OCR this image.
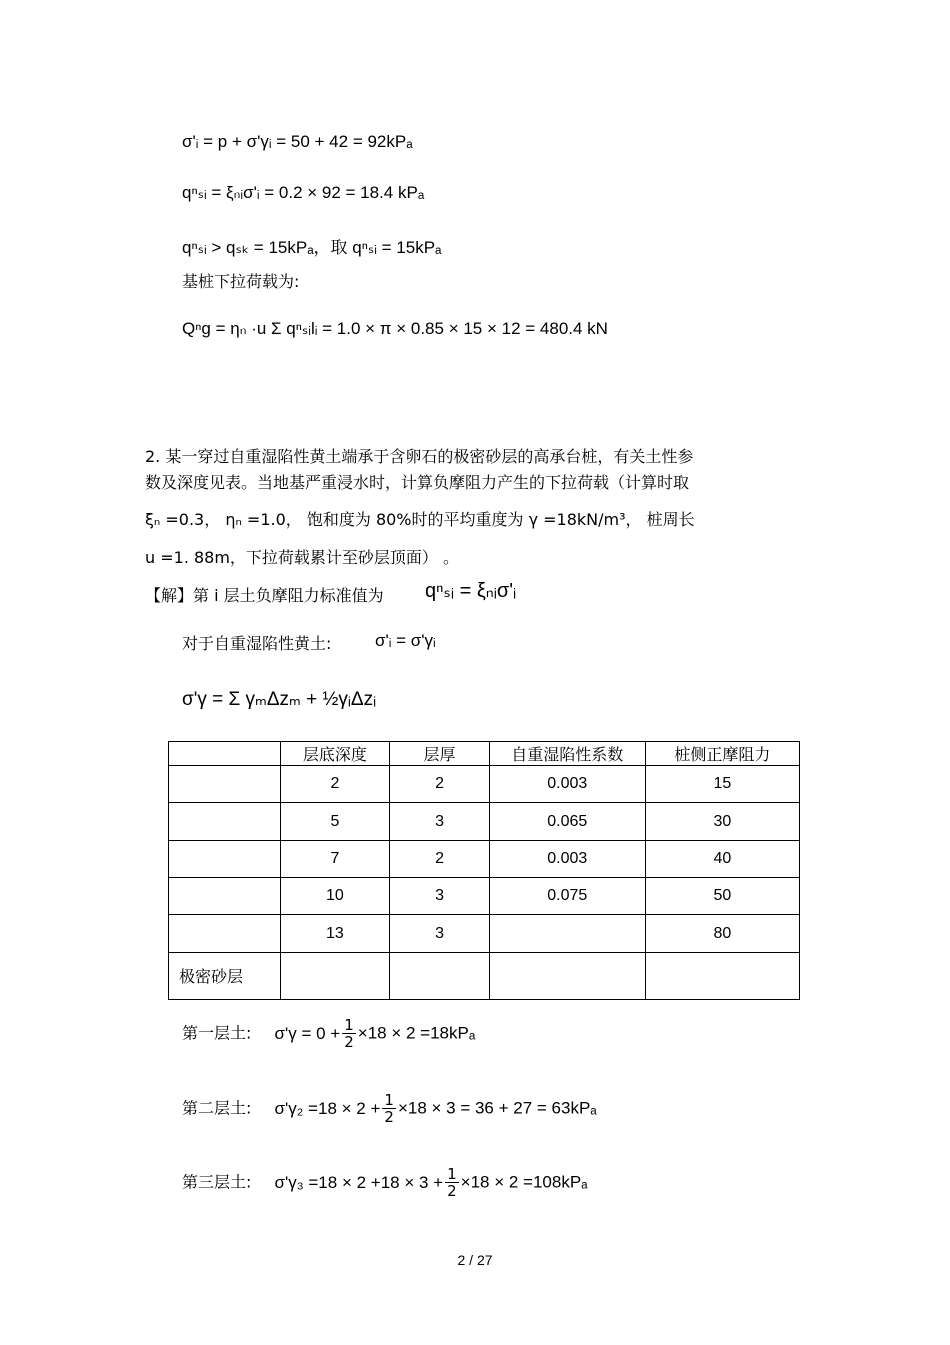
σ'ᵢ = p + σ'γᵢ = 50 + 42 = 92kPₐ
qⁿₛᵢ = ξₙᵢσ'ᵢ = 0.2 × 92 = 18.4 kPₐ
qⁿₛᵢ > qₛₖ = 15kPₐ，取 qⁿₛᵢ = 15kPₐ
基桩下拉荷载为:
Qⁿg = ηₙ ·u Σ qⁿₛᵢlᵢ = 1.0 × π × 0.85 × 15 × 12 = 480.4 kN
2. 某一穿过自重湿陷性黄土端承于含卵石的极密砂层的高承台桩，有关土性参
数及深度见表。当地基严重浸水时，计算负摩阻力产生的下拉荷载（计算时取
ξₙ =0.3， ηₙ =1.0， 饱和度为 80%时的平均重度为 γ =18kN/m³， 桩周长
u =1. 88m，下拉荷载累计至砂层顶面） 。
【解】第 i 层土负摩阻力标准值为 qⁿₛᵢ = ξₙᵢσ'ᵢ
对于自重湿陷性黄土:	σ'ᵢ = σ'γᵢ
σ'γ = Σ γₘΔzₘ + ½γᵢΔzᵢ
	层底深度	层厚	自重湿陷性系数	桩侧正摩阻力
	2	2	0.003	15
	5	3	0.065	30
	7	2	0.003	40
	10	3	0.075	50
	13	3		80
极密砂层				
第一层土: $\sigma'\gamma = 0 + \frac{1}{2} \times 18 \times 2 =18kP_a$
第二层土: $\sigma'\gamma_2 =18 \times 2 + \frac{1}{2} \times 18 \times 3 = 36 + 27 = 63kP_a$
第三层土: $\sigma'\gamma_3 =18 \times 2 +18 \times 3 + \frac{1}{2} \times 18 \times 2 =108kP_a$
2 / 27
